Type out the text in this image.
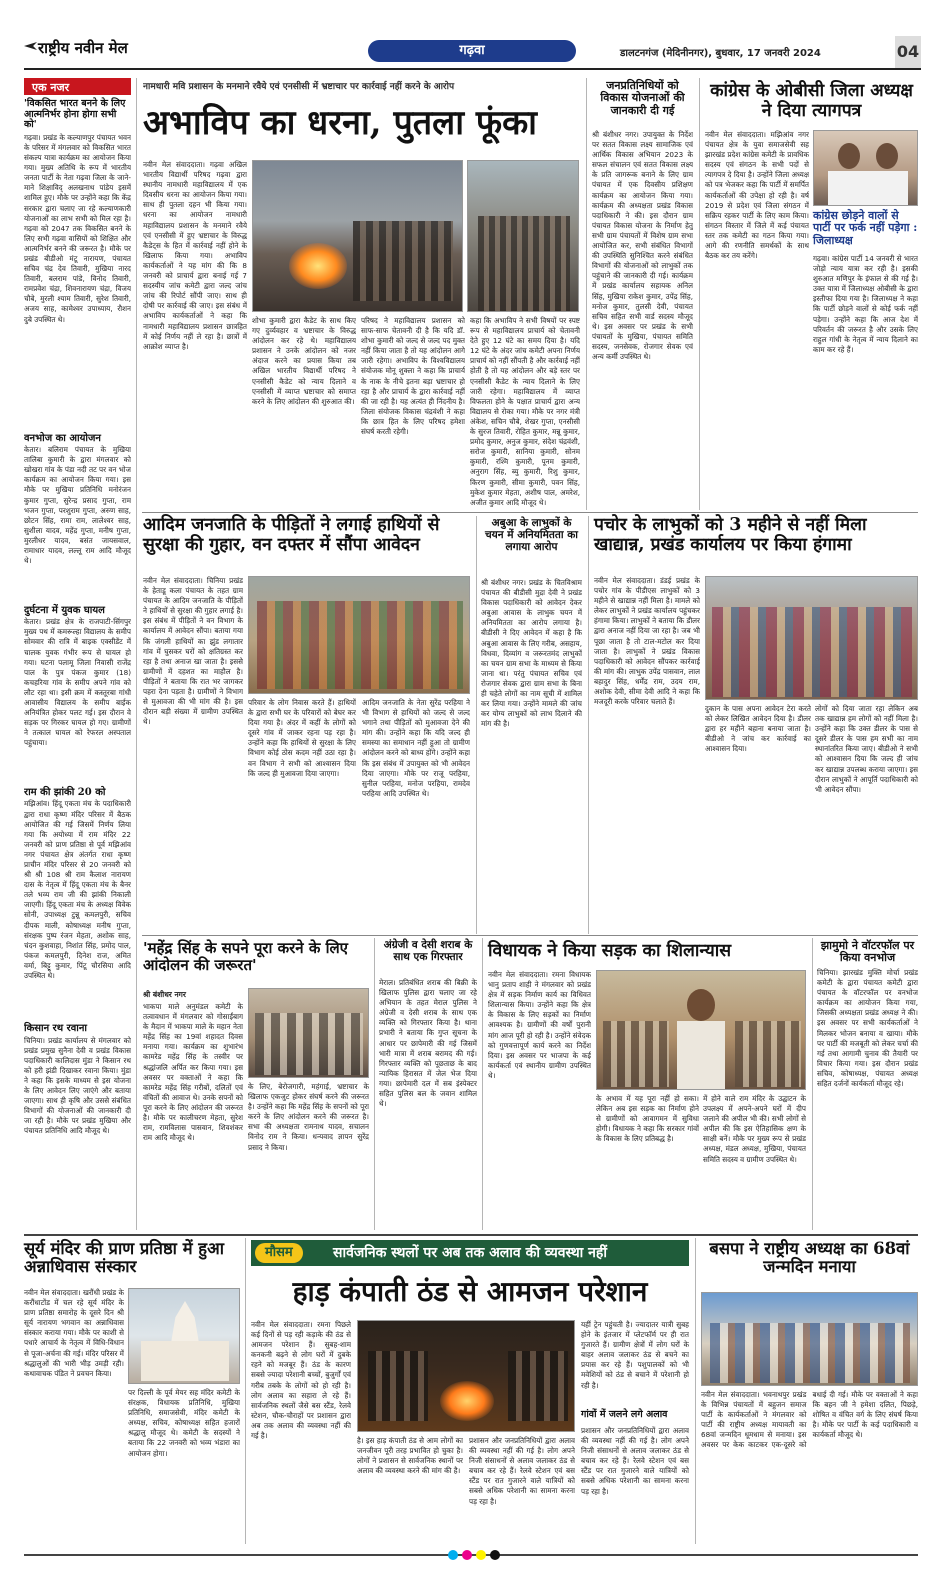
राष्ट्रीय नवीन मेल	गढ़वा	डालटनगंज (मेदिनीनगर), बुधवार, 17 जनवरी 2024	04
एक नजर
'विकसित भारत बनने के लिए आत्मनिर्भर होना होगा सभी को'
गढ़वा। प्रखंड के कल्याणपुर पंचायत भवन के परिसर में मंगलवार को विकसित भारत संकल्प यात्रा कार्यक्रम का आयोजन किया गया। मुख्य अतिथि के रूप में भारतीय जनता पार्टी के नेता गढ़वा जिला के जाने-माने शिक्षाविद् अलखनाथ पांडेय इसमें शामिल हुए। मौके पर उन्होंने कहा कि केंद्र सरकार द्वारा चलाए जा रहे कल्याणकारी योजनाओं का लाभ सभी को मिल रहा है। गढ़वा को 2047 तक विकसित बनने के लिए सभी गढ़वा वासियों को शिक्षित और आत्मनिर्भर बनने की जरूरत है। मौके पर प्रखंड बीडीओ मंटू नारायण, पंचायत सचिव चंद्र देव तिवारी, मुखिया नारद तिवारी, बलराम पांडे, विनोद तिवारी, रामप्रवेश चंद्रा, शिवनारायण चंद्रा, विजय चौबे, मुरली श्याम तिवारी, सुरेश तिवारी, अजय साह, कामेश्वर उपाध्याय, रौशन दुबे उपस्थित थे।
वनभोज का आयोजन
केतार। बलिराम पंचायत के मुखिया तालिबा कुमारी के द्वारा मंगलवार को खोखरा गांव के पंडा नदी तट पर वन भोज कार्यक्रम का आयोजन किया गया। इस मौके पर मुखिया प्रतिनिधि मनोरंजन कुमार गुप्ता, सुरेन्द्र प्रसाद गुप्ता, राम भजन गुप्ता, परशुराम गुप्ता, अरुण साह, छोटन सिंह, रामा राम, लालेश्वर साह, सुशीला यादव, महेंद्र गुप्ता, मनीष गुप्ता, मुरलीधर यादव, बसंत जायसवाल, रामाधार यादव, लल्लू राम आदि मौजूद थे।
दुर्घटना में युवक घायल
केतार। प्रखंड क्षेत्र के राजपाटी-सिंगपुर मुख्य पथ में कमरूल्हा विद्यालय के समीप सोमवार की रात्रि में बाइक एक्सीडेंट में चालक युवक गंभीर रूप से घायल हो गया। घटना पलामू जिला निवासी राजेंद्र पाल के पुत्र पंकज कुमार (18) कचहरिया गांव के समीप अपने गांव को लौट रहा था। इसी क्रम में कस्तूरबा गांधी आवासीय विद्यालय के समीप बाईक अनियंत्रित होकर पलट गई। इस दौरान वे सड़क पर गिरकर घायल हो गए। ग्रामीणों ने तत्काल घायल को रेफरल अस्पताल पहुंचाया।
राम की झांकी 20 को
मझिआंव। हिंदू एकता मंच के पदाधिकारी द्वारा राधा कृष्ण मंदिर परिसर में बैठक आयोजित की गई जिसमें निर्णय लिया गया कि अयोध्या में राम मंदिर 22 जनवरी को प्राण प्रतिष्ठा से पूर्व मझिआंव नगर पंचायत क्षेत्र अंतर्गत राधा कृष्ण प्राचीन मंदिर परिसर से 20 जनवरी को श्री श्री 108 श्री राम कैलाश नारायण दास के नेतृत्व में हिंदू एकता मंच के बैनर तले भव्य राम जी की झांकी निकाली जाएगी। हिंदू एकता मंच के अध्यक्ष विवेक सोनी, उपाध्यक्ष टुन्नू कमलपुरी, सचिव दीपक माली, कोषाध्यक्ष मनीष गुप्ता, संरक्षक पुष्प रंजन मेहता, अशोक साह, चंदन कुशवाहा, निशांत सिंह, प्रमोद पाल, पंकज कमलपुरी, दिनेश राज, अमित वर्मा, बिट्टू कुमार, पिंटू चौरसिया आदि उपस्थित थे।
किसान रथ रवाना
चिनिया। प्रखंड कार्यालय से मंगलवार को प्रखंड प्रमुख सुनैना देवी व प्रखंड विकास पदाधिकारी कालिदास मुंडा ने किसान रथ को हरी झंडी दिखाकर रवाना किया। मुंडा ने कहा कि इसके माध्यम से इस योजना के लिए आवेदन लिए जाएंगे और बताया जाएगा। साथ ही कृषि और उससे संबंधित विभागों की योजनाओं की जानकारी दी जा रही है। मौके पर प्रखंड मुखिया और पंचायत प्रतिनिधि आदि मौजूद थे।
नामधारी मवि प्रशासन के मनमाने रवैये एवं एनसीसी में भ्रष्टाचार पर कार्रवाई नहीं करने के आरोप
अभाविप का धरना, पुतला फूंका
नवीन मेल संवाददाता। गढ़वा अखिल भारतीय विद्यार्थी परिषद गढ़वा द्वारा स्थानीय नामधारी महाविद्यालय में एक दिवसीय धरना का आयोजन किया गया। साथ ही पुतला दहन भी किया गया। धरना का आयोजन नामधारी महाविद्यालय प्रशासन के मनमाने रवैये एवं एनसीसी में हुए भ्रष्टाचार के विरुद्ध कैडेट्स के हित में कार्रवाई नहीं होने के खिलाफ किया गया। अभाविप कार्यकर्ताओं ने यह मांग की कि 8 जनवरी को प्राचार्य द्वारा बनाई गई 7 सदस्यीय जांच कमेटी द्वारा जल्द जांच जांच की रिपोर्ट सौंपी जाए। साथ ही दोषी पर कार्रवाई की जाए। इस संबंध में अभाविप कार्यकर्ताओं ने कहा कि नामधारी महाविद्यालय प्रशासन छात्रहित में कोई निर्णय नहीं ले रहा है। छात्रों में आक्रोश व्याप्त है।
शोभा कुमारी द्वारा कैडेट के साथ किए गए दुर्व्यवहार व भ्रष्टाचार के विरुद्ध आंदोलन कर रहे थे। महाविद्यालय प्रशासन ने उनके आंदोलन को नजर अंदाज करने का प्रयास किया तब अखिल भारतीय विद्यार्थी परिषद ने एनसीसी कैडेट को न्याय दिलाने व एनसीसी में व्याप्त भ्रष्टाचार को समाप्त करने के लिए आंदोलन की शुरुआत की।
परिषद ने महाविद्यालय प्रशासन को साफ-साफ चेतावनी दी है कि यदि डॉ. शोभा कुमारी को जल्द से जल्द पद मुक्त नहीं किया जाता है तो यह आंदोलन आगे जारी रहेगा। अभाविप के विश्वविद्यालय संयोजक मोनू शुक्ला ने कहा कि प्राचार्य के नाक के नीचे इतना बड़ा भ्रष्टाचार हो रहा है और प्राचार्य के द्वारा कार्रवाई नहीं की जा रही है। यह अत्यंत ही निंदनीय है। जिला संयोजक विकास चंद्रवंशी ने कहा कि छात्र हित के लिए परिषद हमेशा संघर्ष करती रहेगी।
कहा कि अभाविप ने सभी विषयों पर स्पष्ट रूप से महाविद्यालय प्राचार्य को चेतावनी देते हुए 12 घंटे का समय दिया है। यदि 12 घंटे के अंदर जांच कमेटी अपना निर्णय प्राचार्य को नहीं सौंपती है और कार्रवाई नहीं होती है तो यह आंदोलन और बड़े स्तर पर एनसीसी कैडेट के न्याय दिलाने के लिए जारी रहेगा। महाविद्यालय में व्याप्त विफलता होने के पक्षात प्राचार्य द्वारा अन्य विद्यालय से रोका गया। मौके पर नगर मंत्री अंकेश, सचिन चौबे, शेखर गुप्ता, एनसीसी के सुरज तिवारी, रोहित कुमार, मन्नू कुमार, प्रमोद कुमार, अनुज कुमार, संदेश चंद्रवंशी, सरोज कुमारी, सानिया कुमारी, सोनम कुमारी, रश्मि कुमारी, पूनम कुमारी, अनुराग सिंह, ब्यु कुमारी, रिशु कुमार, किरण कुमारी, सीमा कुमारी, पवन सिंह, मुकेश कुमार मेहता, अशीष पाल, अमरेश, अजीत कुमार आदि मौजूद थे।
जनप्रतिनिधियों को विकास योजनाओं की जानकारी दी गई
श्री बंशीधर नगर। उपायुक्त के निर्देश पर सतत विकास लक्ष्य सामाजिक एवं आर्थिक विकास अभियान 2023 के सफल संचालन एवं सतत विकास लक्ष्य के प्रति जागरूक बनाने के लिए ग्राम पंचायत में एक दिवसीय प्रशिक्षण कार्यक्रम का आयोजन किया गया। कार्यक्रम की अध्यक्षता प्रखंड विकास पदाधिकारी ने की। इस दौरान ग्राम पंचायत विकास योजना के निर्माण हेतु सभी ग्राम पंचायतों में विशेष ग्राम सभा आयोजित कर, सभी संबंधित विभागों की उपस्थिति सुनिश्चित करने संबंधित विभागों की योजनाओं को लाभुकों तक पहुंचाने की जानकारी दी गई। कार्यक्रम में प्रखंड कार्यालय सहायक अनिल सिंह, मुखिया राकेश कुमार, उपेंद्र सिंह, मनोज कुमार, तुलसी देवी, पंचायत सचिव सहित सभी वार्ड सदस्य मौजूद थे। इस अवसर पर प्रखंड के सभी पंचायतों के मुखिया, पंचायत समिति सदस्य, जनसेवक, रोजगार सेवक एवं अन्य कर्मी उपस्थित थे।
कांग्रेस के ओबीसी जिला अध्यक्ष ने दिया त्यागपत्र
नवीन मेल संवाददाता। मझिआंव नगर पंचायत क्षेत्र के युवा समाजसेवी सह झारखंड प्रदेश कांग्रेस कमेटी के प्रावधिक सदस्य एवं संगठन के सभी पदों से त्यागपत्र दे दिया है। उन्होंने जिला अध्यक्ष को पत्र भेजकर कहा कि पार्टी में समर्पित कार्यकर्ताओं की उपेक्षा हो रही है। वर्ष 2019 से प्रदेश एवं जिला संगठन में सक्रिय रहकर पार्टी के लिए काम किया। संगठन विस्तार में जिले में कई पंचायत स्तर तक कमेटी का गठन किया गया। आगे की रणनीति समर्थकों के साथ बैठक कर तय करेंगे।
कांग्रेस छोड़ने वालों से पार्टी पर फर्क नहीं पड़ेगा : जिलाध्यक्ष
गढ़वा। कांग्रेस पार्टी 14 जनवरी से भारत जोड़ो न्याय यात्रा कर रही है। इसकी शुरुआत मणिपुर के इंफाल से की गई है। उक्त यात्रा में जिलाध्यक्ष ओबीसी के द्वारा इस्तीफा दिया गया है। जिलाध्यक्ष ने कहा कि पार्टी छोड़ने वालों से कोई फर्क नहीं पड़ेगा। उन्होंने कहा कि आज देश में परिवर्तन की जरूरत है और उसके लिए राहुल गांधी के नेतृत्व में न्याय दिलाने का काम कर रहे हैं।
आदिम जनजाति के पीड़ितों ने लगाई हाथियों से सुरक्षा की गुहार, वन दफ्तर में सौंपा आवेदन
नवीन मेल संवाददाता। चिनिया प्रखंड के हेताडू कला पंचायत के तहत ग्राम पंचायत के आदिम जनजाति के पीड़ितों ने हाथियों से सुरक्षा की गुहार लगाई है। इस संबंध में पीड़ितों ने वन विभाग के कार्यालय में आवेदन सौंपा। बताया गया कि जंगली हाथियों का झुंड लगातार गांव में घुसकर घरों को क्षतिग्रस्त कर रहा है तथा अनाज खा जाता है। इससे ग्रामीणों में दहशत का माहौल है। पीड़ितों ने बताया कि रात भर जागकर पहरा देना पड़ता है। ग्रामीणों ने विभाग से मुआवजा की भी मांग की है। इस दौरान बड़ी संख्या में ग्रामीण उपस्थित थे।
परिवार के लोग निवास करते हैं। हाथियों के द्वारा सभी घर के परिवारों को बेघर कर दिया गया है। अंदर में कहीं के लोगों को दूसरे गांव में जाकर रहना पड़ रहा है। उन्होंने कहा कि हाथियों से सुरक्षा के लिए विभाग कोई ठोस कदम नहीं उठा रहा है। वन विभाग ने सभी को आश्वासन दिया कि जल्द ही मुआवजा दिया जाएगा।
आदिम जनजाति के नेता सुरेंद्र परहिया ने भी विभाग से हाथियों को जल्द से जल्द भगाने तथा पीड़ितों को मुआवजा देने की मांग की। उन्होंने कहा कि यदि जल्द ही समस्या का समाधान नहीं हुआ तो ग्रामीण आंदोलन करने को बाध्य होंगे। उन्होंने कहा कि इस संबंध में उपायुक्त को भी आवेदन दिया जाएगा। मौके पर राजू परहिया, सुनील परहिया, मनोज परहिया, रामदेव परहिया आदि उपस्थित थे।
अबुआ के लाभुकों के चयन में अनियमितता का लगाया आरोप
श्री बंशीधर नगर। प्रखंड के चितविश्राम पंचायत की बीडीसी मुद्रा देवी ने प्रखंड विकास पदाधिकारी को आवेदन देकर अबुआ आवास के लाभुक चयन में अनियमितता का आरोप लगाया है। बीडीसी ने दिए आवेदन में कहा है कि अबुआ आवास के लिए गरीब, असहाय, विधवा, दिव्यांग व जरूरतमंद लाभुकों का चयन ग्राम सभा के माध्यम से किया जाना था। परंतु पंचायत सचिव एवं रोजगार सेवक द्वारा ग्राम सभा के बिना ही चहेते लोगों का नाम सूची में शामिल कर लिया गया। उन्होंने मामले की जांच कर योग्य लाभुकों को लाभ दिलाने की मांग की है।
पचोर के लाभुकों को 3 महीने से नहीं मिला खाद्यान्न, प्रखंड कार्यालय पर किया हंगामा
नवीन मेल संवाददाता। डंडई प्रखंड के पचोर गांव के पीडीएस लाभुकों को 3 महीने से खाद्यान्न नहीं मिला है। मामले को लेकर लाभुकों ने प्रखंड कार्यालय पहुंचकर हंगामा किया। लाभुकों ने बताया कि डीलर द्वारा अनाज नहीं दिया जा रहा है। जब भी पूछा जाता है तो टाल-मटोल कर दिया जाता है। लाभुकों ने प्रखंड विकास पदाधिकारी को आवेदन सौंपकर कार्रवाई की मांग की। लाभुक उपेंद्र पासवान, लाल बहादुर सिंह, धर्मेंद्र राम, उदय राम, अशोक देवी, सीमा देवी आदि ने कहा कि मजदूरी करके परिवार चलाते हैं।
दुकान के पास अपना आवेदन टेरा करते को लेकर लिखित आवेदन दिया है। डीलर द्वारा हर महीने बहाना बनाया जाता है। बीडीओ ने जांच कर कार्रवाई का आश्वासन दिया।
लोगों को दिया जाता रहा लेकिन अब तक खाद्यान्न हम लोगों को नहीं मिला है। उन्होंने कहा कि उक्त डीलर के पास से दूसरे डीलर के पास हम सभी का नाम स्थानांतरित किया जाए। बीडीओ ने सभी को आश्वासन दिया कि जल्द ही जांच कर खाद्यान्न उपलब्ध कराया जाएगा। इस दौरान लाभुकों ने आपूर्ति पदाधिकारी को भी आवेदन सौंपा।
'महेंद्र सिंह के सपने पूरा करने के लिए आंदोलन की जरूरत'
श्री बंशीधर नगर
भाकपा माले अनुमंडल कमेटी के तत्वावधान में मंगलवार को गोसाईंबाग के मैदान में भाकपा माले के महान नेता महेंद्र सिंह का 19वां शहादत दिवस मनाया गया। कार्यक्रम का शुभारंभ कामरेड महेंद्र सिंह के तस्वीर पर श्रद्धांजलि अर्पित कर किया गया। इस अवसर पर वक्ताओं ने कहा कि कामरेड महेंद्र सिंह गरीबों, दलितों एवं वंचितों की आवाज थे। उनके सपनों को पूरा करने के लिए आंदोलन की जरूरत है। मौके पर कालीचरण मेहता, सुरेश राम, रामविलास पासवान, शिवशंकर राम आदि मौजूद थे।
के लिए, बेरोजगारी, महंगाई, भ्रष्टाचार के खिलाफ एकजुट होकर संघर्ष करने की जरूरत है। उन्होंने कहा कि महेंद्र सिंह के सपनों को पूरा करने के लिए आंदोलन करने की जरूरत है। सभा की अध्यक्षता रामनाथ यादव, सचालन विनोद राम ने किया। धन्यवाद ज्ञापन सुरेंद्र प्रसाद ने किया।
अंग्रेजी व देसी शराब के साथ एक गिरफ्तार
मेराल। प्रतिबंधित शराब की बिक्री के खिलाफ पुलिस द्वारा चलाए जा रहे अभियान के तहत मेराल पुलिस ने अंग्रेजी व देसी शराब के साथ एक व्यक्ति को गिरफ्तार किया है। थाना प्रभारी ने बताया कि गुप्त सूचना के आधार पर छापेमारी की गई जिसमें भारी मात्रा में शराब बरामद की गई। गिरफ्तार व्यक्ति को पूछताछ के बाद न्यायिक हिरासत में जेल भेज दिया गया। छापेमारी दल में सब इंस्पेक्टर सहित पुलिस बल के जवान शामिल थे।
विधायक ने किया सड़क का शिलान्यास
नवीन मेल संवाददाता। रमना विधायक भानु प्रताप शाही ने मंगलवार को प्रखंड क्षेत्र में सड़क निर्माण कार्य का विधिवत शिलान्यास किया। उन्होंने कहा कि क्षेत्र के विकास के लिए सड़कों का निर्माण आवश्यक है। ग्रामीणों की वर्षों पुरानी मांग आज पूरी हो रही है। उन्होंने संवेदक को गुणवत्तापूर्ण कार्य करने का निर्देश दिया। इस अवसर पर भाजपा के कई कार्यकर्ता एवं स्थानीय ग्रामीण उपस्थित थे।
के अभाव में यह पूरा नहीं हो सका। लेकिन अब इस सड़क का निर्माण होने से ग्रामीणों को आवागमन में सुविधा होगी। विधायक ने कहा कि सरकार गांवों के विकास के लिए प्रतिबद्ध है।
में होने वाले राम मंदिर के उद्घाटन के उपलक्ष्य में अपने-अपने घरों में दीप जलाने की अपील भी की। सभी लोगों से अपील की कि इस ऐतिहासिक क्षण के साक्षी बनें। मौके पर मुख्य रूप से प्रखंड अध्यक्ष, मंडल अध्यक्ष, मुखिया, पंचायत समिति सदस्य व ग्रामीण उपस्थित थे।
झामुमो ने वॉटरफॉल पर किया वनभोज
चिनिया। झारखंड मुक्ति मोर्चा प्रखंड कमेटी के द्वारा पंचायत कमेटी द्वारा पंचायत के वॉटरफॉल पर वनभोज कार्यक्रम का आयोजन किया गया, जिसकी अध्यक्षता प्रखंड अध्यक्ष ने की। इस अवसर पर सभी कार्यकर्ताओं ने मिलकर भोजन बनाया व खाया। मौके पर पार्टी की मजबूती को लेकर चर्चा की गई तथा आगामी चुनाव की तैयारी पर विचार किया गया। इस दौरान प्रखंड सचिव, कोषाध्यक्ष, पंचायत अध्यक्ष सहित दर्जनों कार्यकर्ता मौजूद रहे।
सूर्य मंदिर की प्राण प्रतिष्ठा में हुआ अन्नाधिवास संस्कार
नवीन मेल संवाददाता। खरौंधी प्रखंड के करौंधाटोंड में चल रहे सूर्य मंदिर के प्राण प्रतिष्ठा समारोह के दूसरे दिन श्री सूर्य नारायण भगवान का अन्नाधिवास संस्कार कराया गया। मौके पर काशी से पधारे आचार्य के नेतृत्व में विधि-विधान से पूजा-अर्चना की गई। मंदिर परिसर में श्रद्धालुओं की भारी भीड़ उमड़ी रही। कथावाचक पंडित ने प्रवचन किया।
पर दिल्ली के पूर्व मेयर सह मंदिर कमेटी के संरक्षक, विधायक प्रतिनिधि, मुखिया प्रतिनिधि, समाजसेवी, मंदिर कमेटी के अध्यक्ष, सचिव, कोषाध्यक्ष सहित हजारों श्रद्धालु मौजूद थे। कमेटी के सदस्यों ने बताया कि 22 जनवरी को भव्य भंडारा का आयोजन होगा।
मौसम	सार्वजनिक स्थलों पर अब तक अलाव की व्यवस्था नहीं
हाड़ कंपाती ठंड से आमजन परेशान
नवीन मेल संवाददाता। रमना पिछले कई दिनों से पड़ रही कड़ाके की ठंड से आमजन परेशान हैं। सुबह-शाम कनकनी बढ़ने से लोग घरों में दुबके रहने को मजबूर हैं। ठंड के कारण सबसे ज्यादा परेशानी बच्चों, बुजुर्गों एवं गरीब तबके के लोगों को हो रही है। लोग अलाव का सहारा ले रहे हैं। सार्वजनिक स्थलों जैसे बस स्टैंड, रेलवे स्टेशन, चौक-चौराहों पर प्रशासन द्वारा अब तक अलाव की व्यवस्था नहीं की गई है।
है। इस हाड़ कंपाती ठंड से आम लोगों का जनजीवन पूरी तरह प्रभावित हो चुका है। लोगों ने प्रशासन से सार्वजनिक स्थानों पर अलाव की व्यवस्था करने की मांग की है।
प्रशासन और जनप्रतिनिधियों द्वारा अलाव की व्यवस्था नहीं की गई है। लोग अपने निजी संसाधनों से अलाव जलाकर ठंड से बचाव कर रहे हैं। रेलवे स्टेशन एवं बस स्टैंड पर रात गुजारने वाले यात्रियों को सबसे अधिक परेशानी का सामना करना पड़ रहा है।
यहीं ट्रेन पहुंचती है। ज्यादातर यात्री सुबह होने के इंतजार में प्लेटफॉर्म पर ही रात गुजारते हैं। ग्रामीण क्षेत्रों में लोग घरों के बाहर अलाव जलाकर ठंड से बचने का प्रयास कर रहे हैं। पशुपालकों को भी मवेशियों को ठंड से बचाने में परेशानी हो रही है।
गांवों में जलने लगे अलाव
प्रशासन और जनप्रतिनिधियों द्वारा अलाव की व्यवस्था नहीं की गई है। लोग अपने निजी संसाधनों से अलाव जलाकर ठंड से बचाव कर रहे हैं। रेलवे स्टेशन एवं बस स्टैंड पर रात गुजारने वाले यात्रियों को सबसे अधिक परेशानी का सामना करना पड़ रहा है।
बसपा ने राष्ट्रीय अध्यक्ष का 68वां जन्मदिन मनाया
नवीन मेल संवाददाता। भवनाथपुर प्रखंड के विभिन्न पंचायतों में बहुजन समाज पार्टी के कार्यकर्ताओं ने मंगलवार को पार्टी की राष्ट्रीय अध्यक्ष मायावती का 68वां जन्मदिन धूमधाम से मनाया। इस अवसर पर केक काटकर एक-दूसरे को बधाई दी गई। मौके पर वक्ताओं ने कहा कि बहन जी ने हमेशा दलित, पिछड़े, शोषित व वंचित वर्ग के लिए संघर्ष किया है। मौके पर पार्टी के कई पदाधिकारी व कार्यकर्ता मौजूद थे।
